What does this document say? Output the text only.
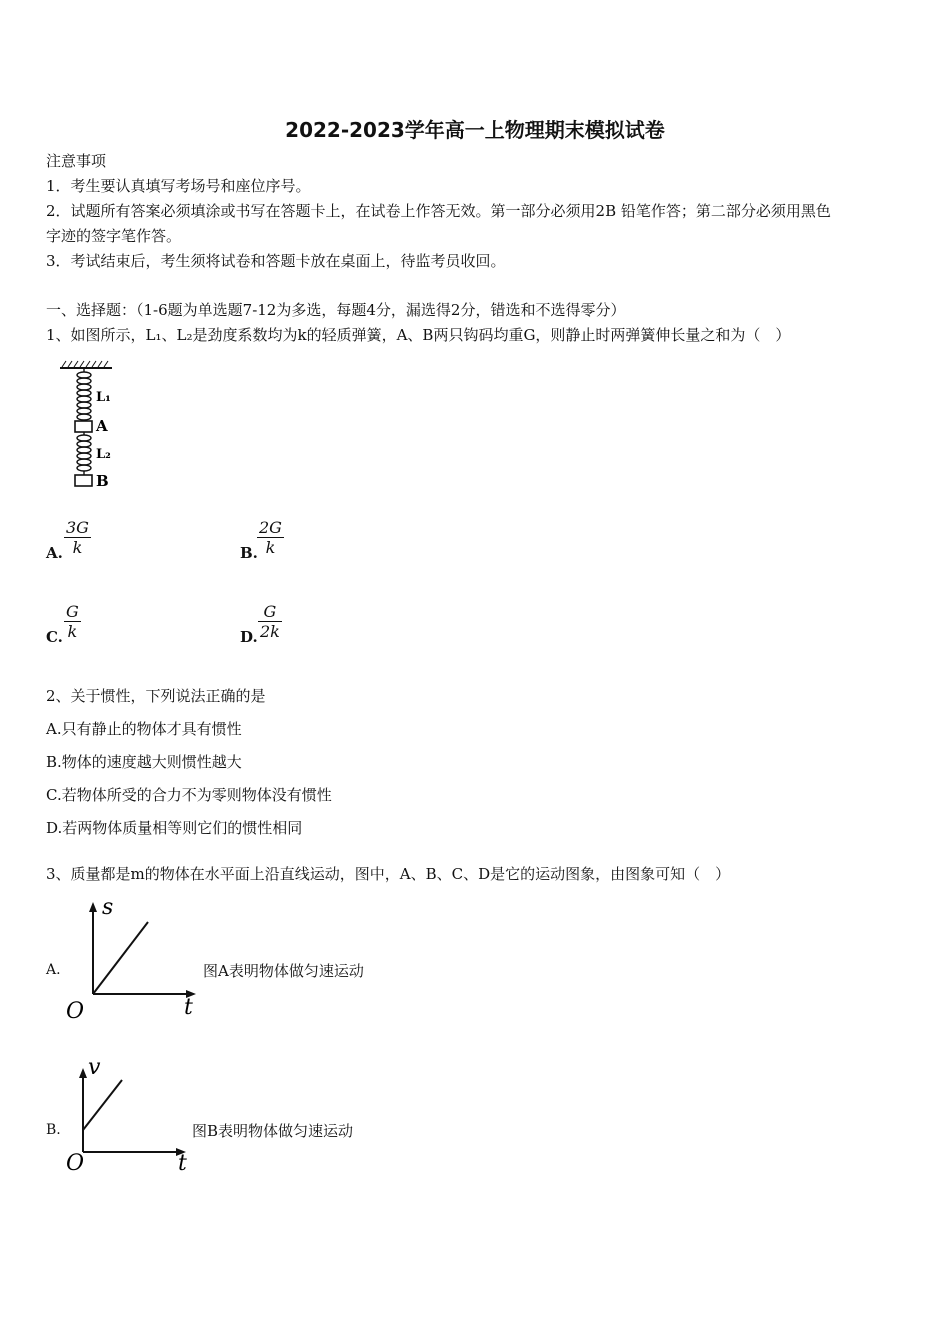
2022-2023学年高一上物理期末模拟试卷
注意事项
1．考生要认真填写考场号和座位序号。
2．试题所有答案必须填涂或书写在答题卡上，在试卷上作答无效。第一部分必须用2B 铅笔作答；第二部分必须用黑色
字迹的签字笔作答。
3．考试结束后，考生须将试卷和答题卡放在桌面上，待监考员收回。
一、选择题：（1-6题为单选题7-12为多选，每题4分，漏选得2分，错选和不选得零分）
1、如图所示，L₁、L₂是劲度系数均为k的轻质弹簧，A、B两只钩码均重G，则静止时两弹簧伸长量之和为（　）
L₁
A
L₂
B
A. $\frac{3G}{k}$	B. $\frac{2G}{k}$
C. $\frac{G}{k}$	D. $\frac{G}{2k}$
2、关于惯性，下列说法正确的是
A.只有静止的物体才具有惯性
B.物体的速度越大则惯性越大
C.若物体所受的合力不为零则物体没有惯性
D.若两物体质量相等则它们的惯性相同
3、质量都是m的物体在水平面上沿直线运动，图中，A、B、C、D是它的运动图象，由图象可知（　）
A.
s
t
O
图A表明物体做匀速运动
B.
v
t
O
图B表明物体做匀速运动
